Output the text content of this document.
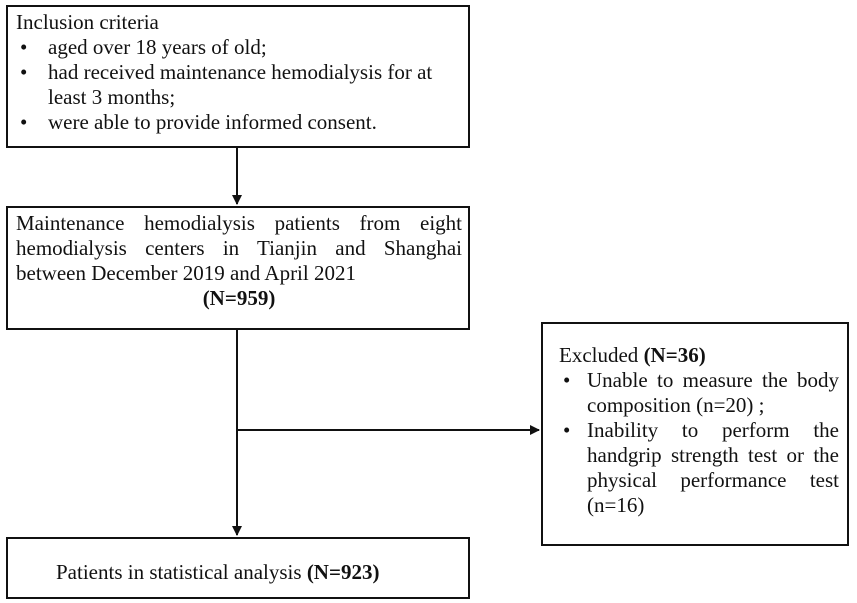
Inclusion criteria
• aged over 18 years of old;
• had received maintenance hemodialysis for at least 3 months;
• were able to provide informed consent.
Maintenance hemodialysis patients from eight hemodialysis centers in Tianjin and Shanghai between December 2019 and April 2021
(N=959)
Excluded (N=36)
• Unable to measure the body composition (n=20) ;
• Inability to perform the handgrip strength test or the physical performance test (n=16)
Patients in statistical analysis (N=923)
